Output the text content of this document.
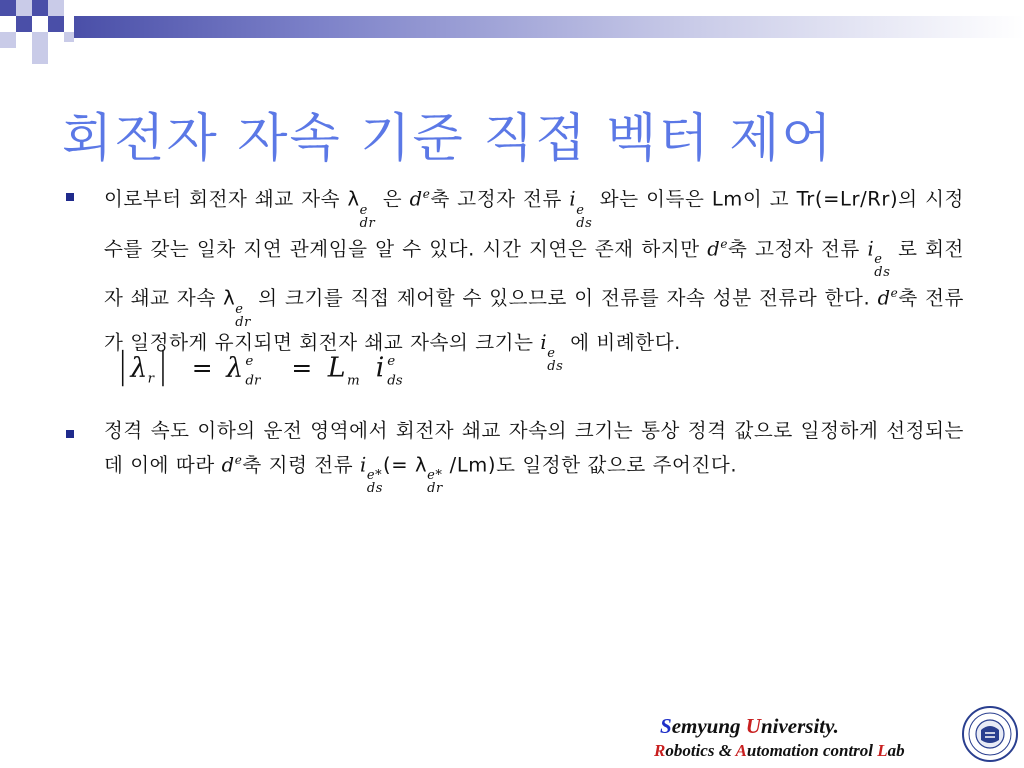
회전자 자속 기준 직접 벡터 제어
이로부터 회전자 쇄교 자속 λ e
dr
은 $d^e$축 고정자 전류 i e
ds
와는 이득은 Lm이 고 Tr(=Lr/Rr)의 시정수를 갖는 일차 지연 관계임을 알 수 있다. 시간 지연은 존재 하지만 $d^e$축 고정자 전류 i e
ds
로 회전자 쇄교 자속 λ e
dr
의 크기를 직접 제어할 수 있으므로 이 전류를 자속 성분 전류라 한다. $d^e$축 전류가 일정하게 유지되면 회전자 쇄교 자속의 크기는 i e
ds
에 비례한다.
λ r = λ e
dr = L m i e
ds
정격 속도 이하의 운전 영역에서 회전자 쇄교 자속의 크기는 통상 정격 값으로 일정하게 선정되는데 이에 따라 $d^e$축 지령 전류 i e*
ds
(= λ e*
dr
/Lm)도 일정한 값으로 주어진다.
Semyung University.
Robotics & Automation control Lab
